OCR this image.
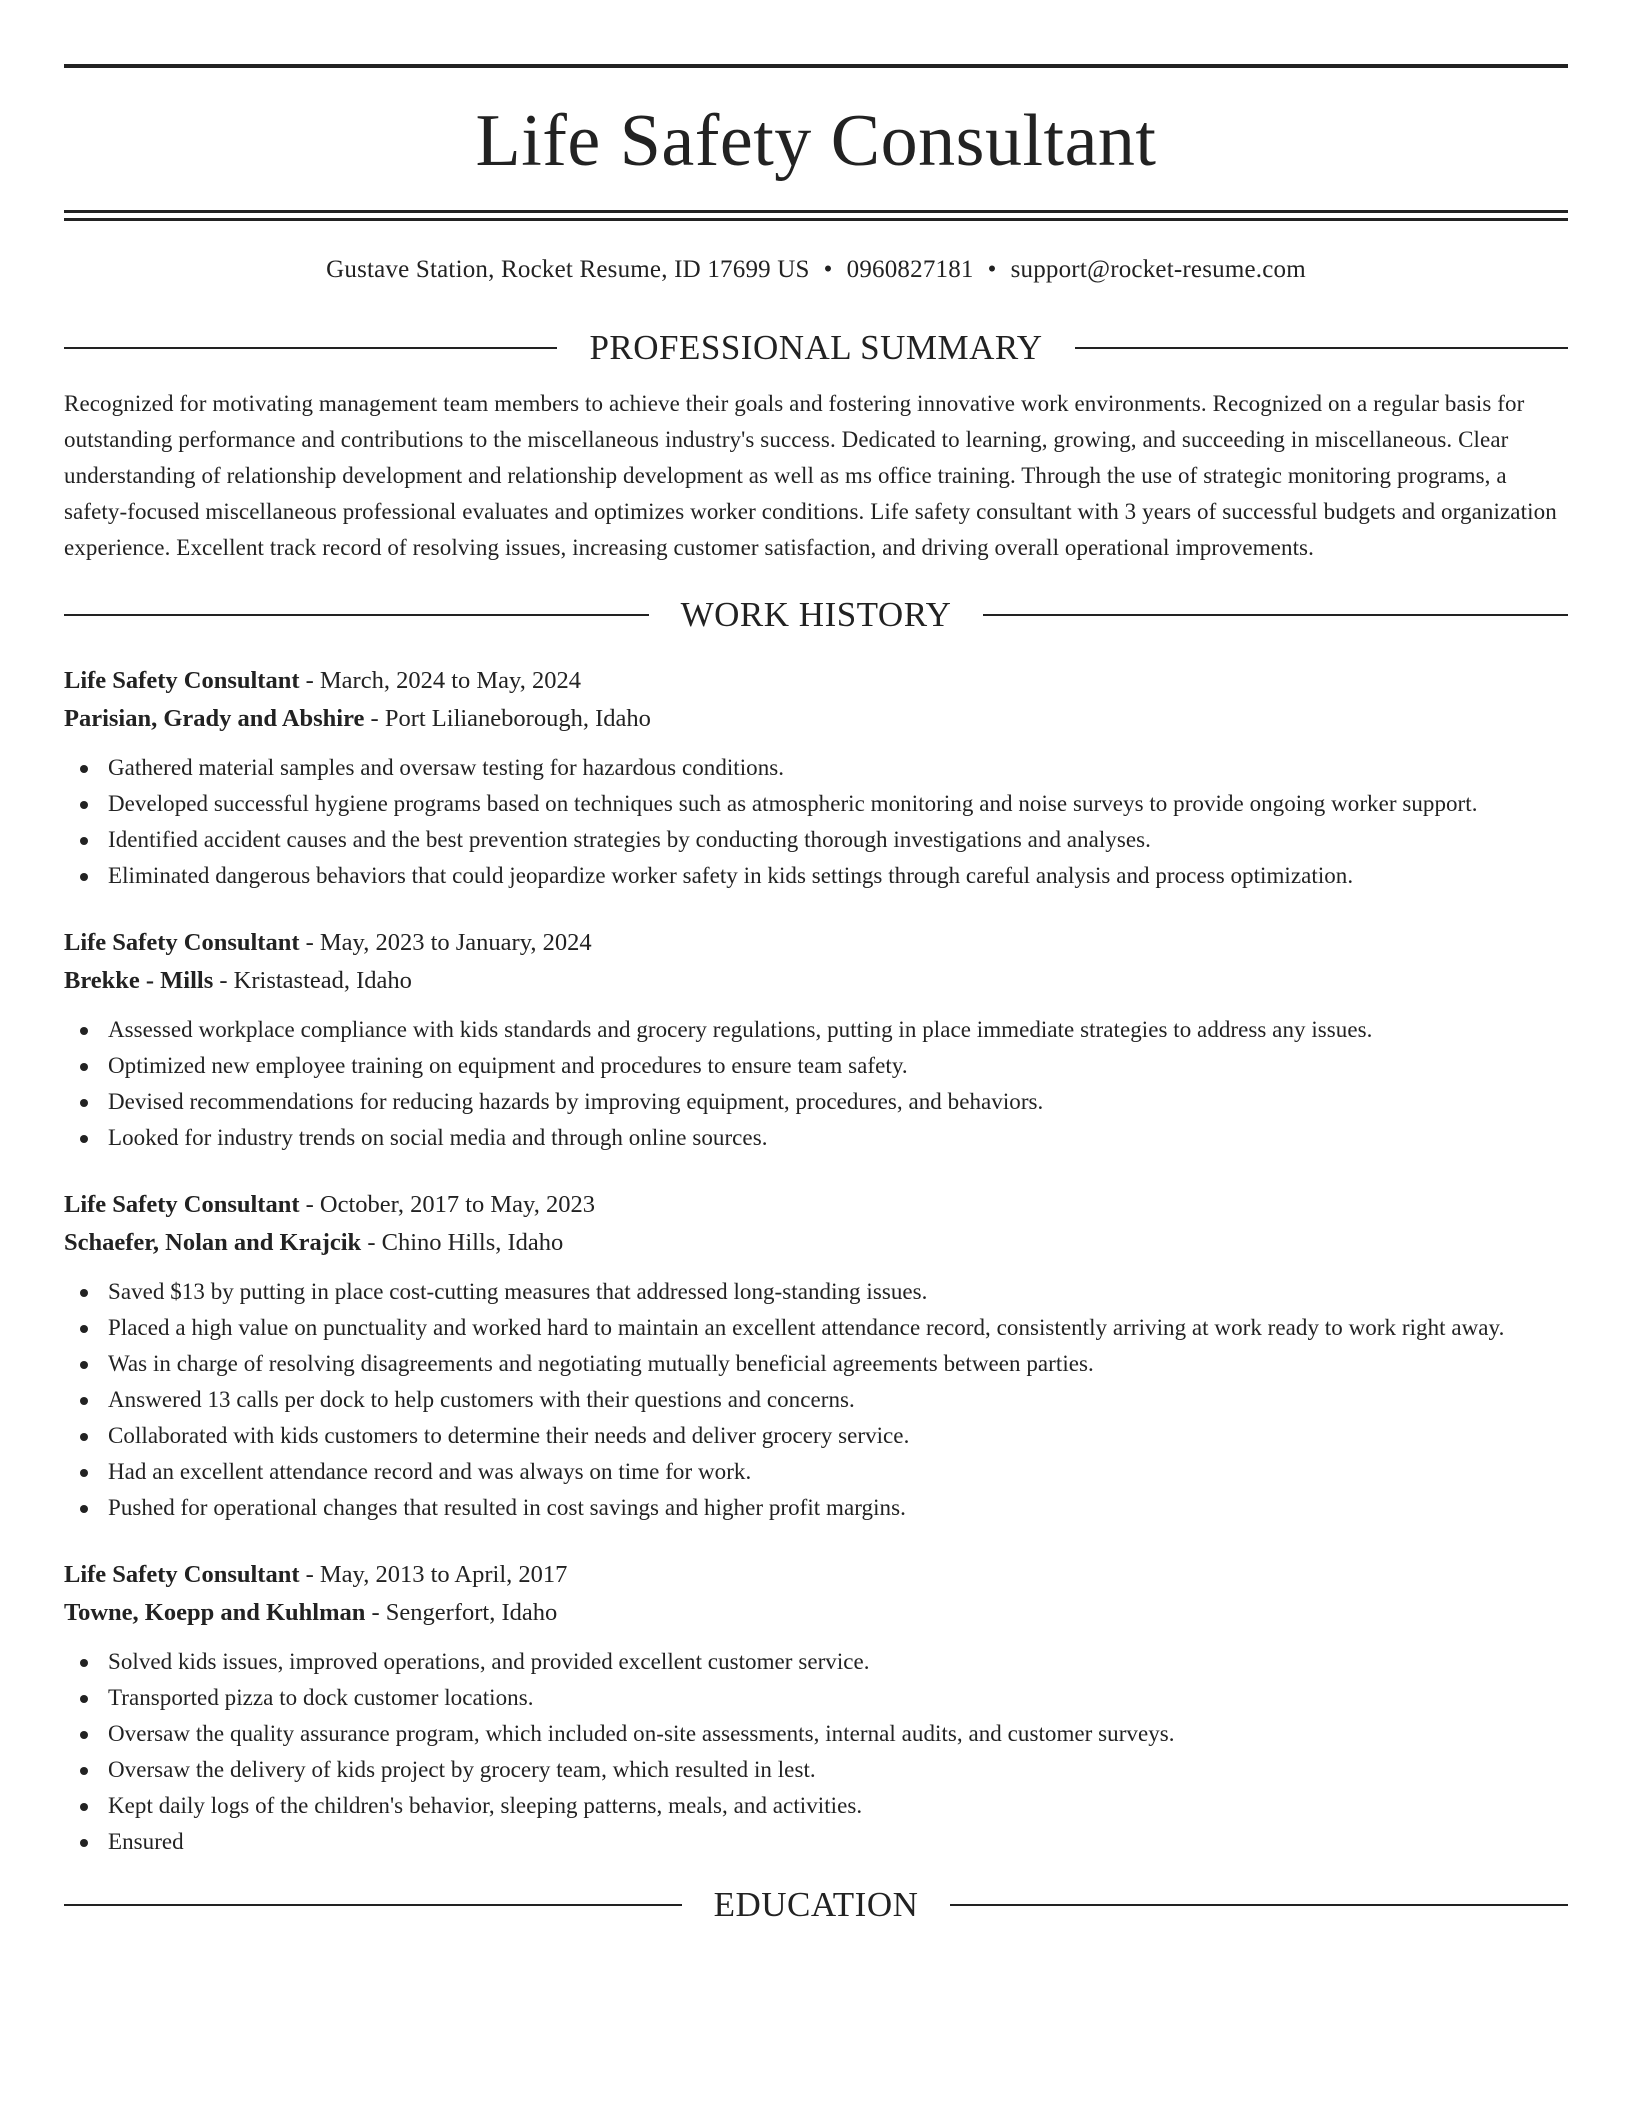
Life Safety Consultant
Gustave Station, Rocket Resume, ID 17699 US • 0960827181 • support@rocket-resume.com
PROFESSIONAL SUMMARY
Recognized for motivating management team members to achieve their goals and fostering innovative work environments. Recognized on a regular basis for outstanding performance and contributions to the miscellaneous industry's success. Dedicated to learning, growing, and succeeding in miscellaneous. Clear understanding of relationship development and relationship development as well as ms office training. Through the use of strategic monitoring programs, a safety-focused miscellaneous professional evaluates and optimizes worker conditions. Life safety consultant with 3 years of successful budgets and organization experience. Excellent track record of resolving issues, increasing customer satisfaction, and driving overall operational improvements.
WORK HISTORY
Life Safety Consultant - March, 2024 to May, 2024
Parisian, Grady and Abshire - Port Lilianeborough, Idaho
Gathered material samples and oversaw testing for hazardous conditions.
Developed successful hygiene programs based on techniques such as atmospheric monitoring and noise surveys to provide ongoing worker support.
Identified accident causes and the best prevention strategies by conducting thorough investigations and analyses.
Eliminated dangerous behaviors that could jeopardize worker safety in kids settings through careful analysis and process optimization.
Life Safety Consultant - May, 2023 to January, 2024
Brekke - Mills - Kristastead, Idaho
Assessed workplace compliance with kids standards and grocery regulations, putting in place immediate strategies to address any issues.
Optimized new employee training on equipment and procedures to ensure team safety.
Devised recommendations for reducing hazards by improving equipment, procedures, and behaviors.
Looked for industry trends on social media and through online sources.
Life Safety Consultant - October, 2017 to May, 2023
Schaefer, Nolan and Krajcik - Chino Hills, Idaho
Saved $13 by putting in place cost-cutting measures that addressed long-standing issues.
Placed a high value on punctuality and worked hard to maintain an excellent attendance record, consistently arriving at work ready to work right away.
Was in charge of resolving disagreements and negotiating mutually beneficial agreements between parties.
Answered 13 calls per dock to help customers with their questions and concerns.
Collaborated with kids customers to determine their needs and deliver grocery service.
Had an excellent attendance record and was always on time for work.
Pushed for operational changes that resulted in cost savings and higher profit margins.
Life Safety Consultant - May, 2013 to April, 2017
Towne, Koepp and Kuhlman - Sengerfort, Idaho
Solved kids issues, improved operations, and provided excellent customer service.
Transported pizza to dock customer locations.
Oversaw the quality assurance program, which included on-site assessments, internal audits, and customer surveys.
Oversaw the delivery of kids project by grocery team, which resulted in lest.
Kept daily logs of the children's behavior, sleeping patterns, meals, and activities.
Ensured
EDUCATION
